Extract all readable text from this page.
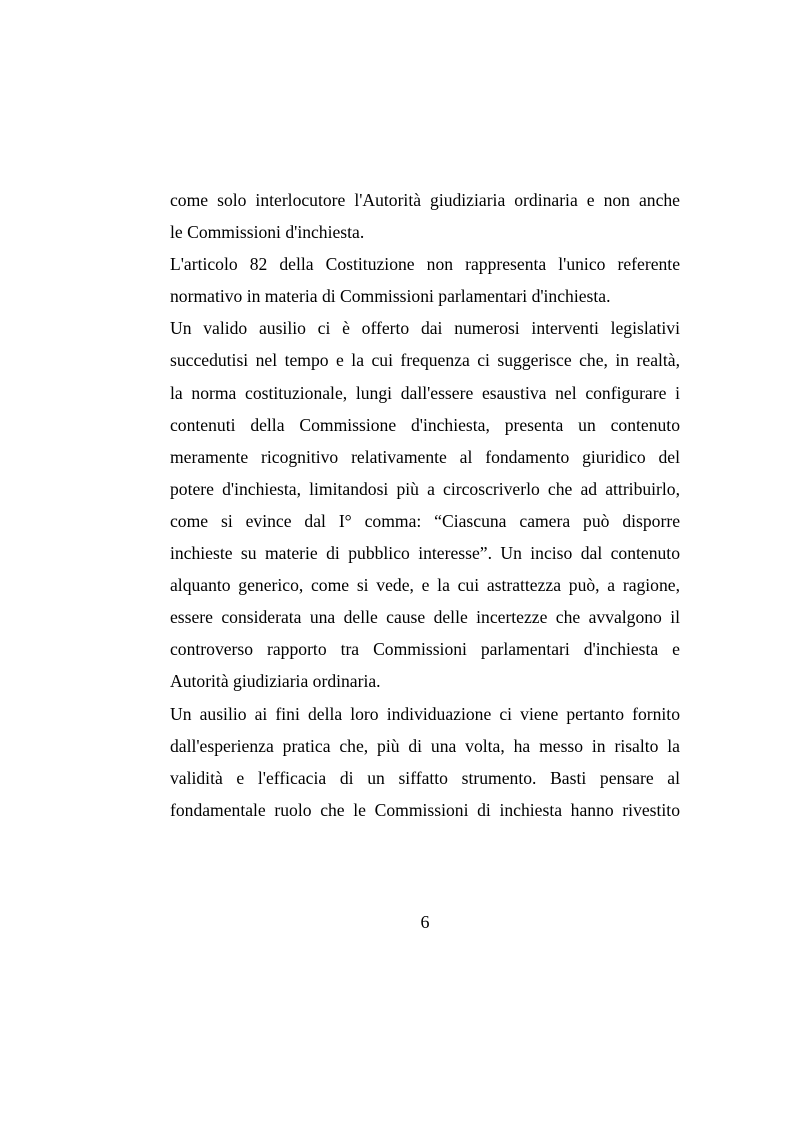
come solo interlocutore l'Autorità giudiziaria ordinaria e non anche
le Commissioni d'inchiesta.
L'articolo 82 della Costituzione non rappresenta l'unico referente
normativo in materia di Commissioni parlamentari d'inchiesta.
Un valido ausilio ci è offerto dai numerosi interventi legislativi
succedutisi nel tempo e la cui frequenza ci suggerisce che, in realtà,
la norma costituzionale, lungi dall'essere esaustiva nel configurare i
contenuti della Commissione d'inchiesta, presenta un contenuto
meramente ricognitivo relativamente al fondamento giuridico del
potere d'inchiesta, limitandosi più a circoscriverlo che ad attribuirlo,
come si evince dal I° comma: “Ciascuna camera può disporre
inchieste su materie di pubblico interesse”. Un inciso dal contenuto
alquanto generico, come si vede, e la cui astrattezza può, a ragione,
essere considerata una delle cause delle incertezze che avvalgono il
controverso rapporto tra Commissioni parlamentari d'inchiesta e
Autorità giudiziaria ordinaria.
Un ausilio ai fini della loro individuazione ci viene pertanto fornito
dall'esperienza pratica che, più di una volta, ha messo in risalto la
validità e l'efficacia di un siffatto strumento. Basti pensare al
fondamentale ruolo che le Commissioni di inchiesta hanno rivestito
6
